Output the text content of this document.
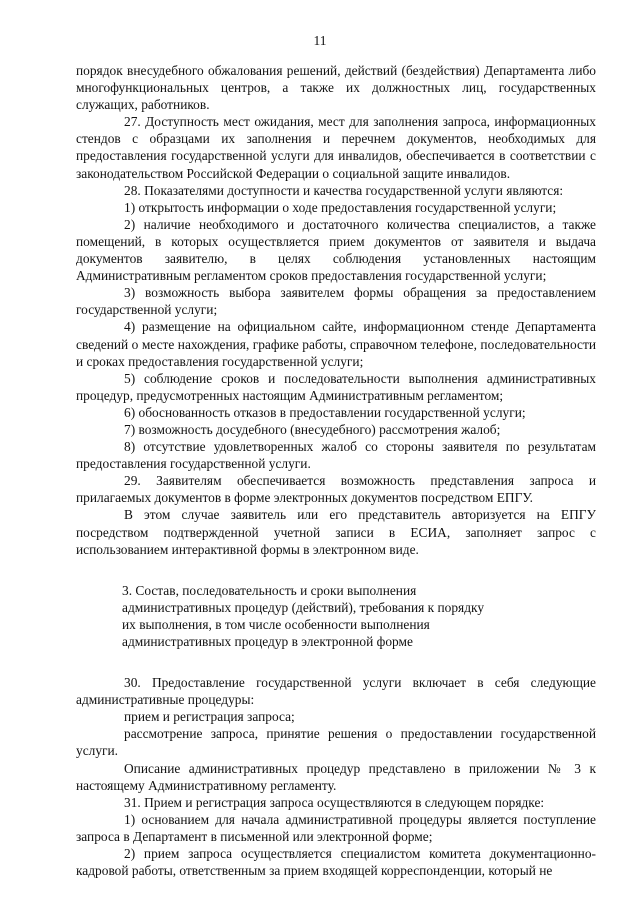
11

порядок внесудебного обжалования решений, действий (бездействия) Департамента либо многофункциональных центров, а также их должностных лиц, государственных служащих, работников.

27. Доступность мест ожидания, мест для заполнения запроса, информационных стендов с образцами их заполнения и перечнем документов, необходимых для предоставления государственной услуги для инвалидов, обеспечивается в соответствии с законодательством Российской Федерации о социальной защите инвалидов.

28. Показателями доступности и качества государственной услуги являются:

1) открытость информации о ходе предоставления государственной услуги;

2) наличие необходимого и достаточного количества специалистов, а также помещений, в которых осуществляется прием документов от заявителя и выдача документов заявителю, в целях соблюдения установленных настоящим Административным регламентом сроков предоставления государственной услуги;

3) возможность выбора заявителем формы обращения за предоставлением государственной услуги;

4) размещение на официальном сайте, информационном стенде Департамента сведений о месте нахождения, графике работы, справочном телефоне, последовательности и сроках предоставления государственной услуги;

5) соблюдение сроков и последовательности выполнения административных процедур, предусмотренных настоящим Административным регламентом;

6) обоснованность отказов в предоставлении государственной услуги;

7) возможность досудебного (внесудебного) рассмотрения жалоб;

8) отсутствие удовлетворенных жалоб со стороны заявителя по результатам предоставления государственной услуги.

29. Заявителям обеспечивается возможность представления запроса и прилагаемых документов в форме электронных документов посредством ЕПГУ.

В этом случае заявитель или его представитель авторизуется на ЕПГУ посредством подтвержденной учетной записи в ЕСИА, заполняет запрос с использованием интерактивной формы в электронном виде.

3. Состав, последовательность и сроки выполнения

административных процедур (действий), требования к порядку

их выполнения, в том числе особенности выполнения

административных процедур в электронной форме

30. Предоставление государственной услуги включает в себя следующие административные процедуры:

прием и регистрация запроса;

рассмотрение запроса, принятие решения о предоставлении государственной услуги.

Описание административных процедур представлено в приложении № 3 к настоящему Административному регламенту.

31. Прием и регистрация запроса осуществляются в следующем порядке:

1) основанием для начала административной процедуры является поступление запроса в Департамент в письменной или электронной форме;

2) прием запроса осуществляется специалистом комитета документационно-кадровой работы, ответственным за прием входящей корреспонденции, который не
